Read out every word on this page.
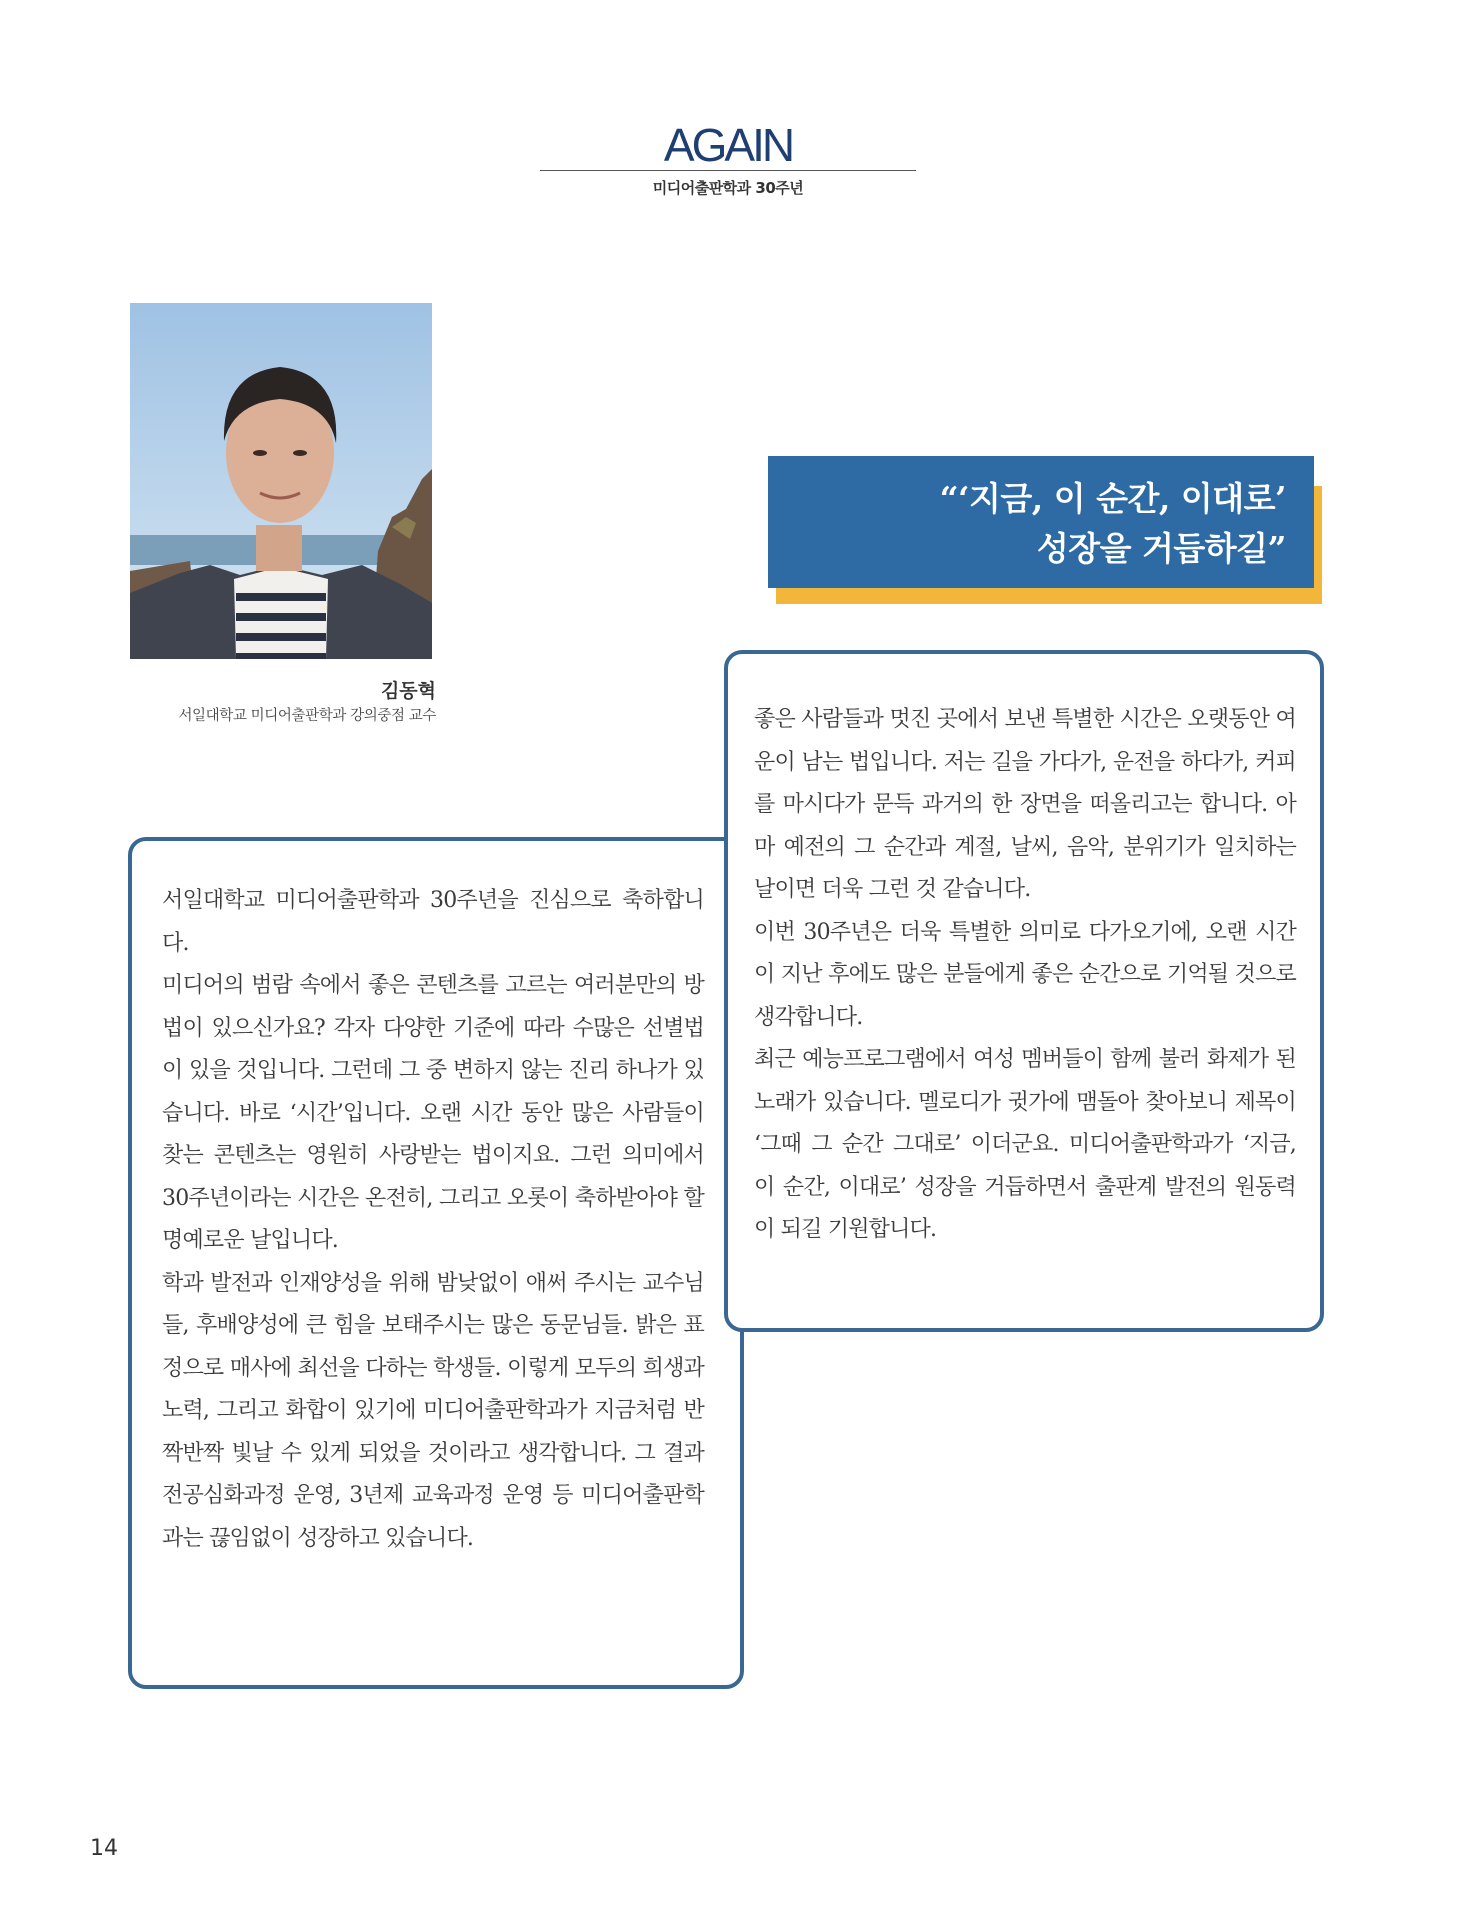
AGAIN
미디어출판학과 30주년
김동혁
서일대학교 미디어출판학과 강의중점 교수
“‘지금, 이 순간, 이대로’
성장을 거듭하길”

좋은 사람들과 멋진 곳에서 보낸 특별한 시간은 오랫동안 여운이 남는 법입니다. 저는 길을 가다가, 운전을 하다가, 커피를 마시다가 문득 과거의 한 장면을 떠올리고는 합니다. 아마 예전의 그 순간과 계절, 날씨, 음악, 분위기가 일치하는 날이면 더욱 그런 것 같습니다.

이번 30주년은 더욱 특별한 의미로 다가오기에, 오랜 시간이 지난 후에도 많은 분들에게 좋은 순간으로 기억될 것으로 생각합니다.

최근 예능프로그램에서 여성 멤버들이 함께 불러 화제가 된 노래가 있습니다. 멜로디가 귓가에 맴돌아 찾아보니 제목이 ‘그때 그 순간 그대로’ 이더군요. 미디어출판학과가 ‘지금, 이 순간, 이대로’ 성장을 거듭하면서 출판계 발전의 원동력이 되길 기원합니다.

서일대학교 미디어출판학과 30주년을 진심으로 축하합니다.

미디어의 범람 속에서 좋은 콘텐츠를 고르는 여러분만의 방법이 있으신가요? 각자 다양한 기준에 따라 수많은 선별법이 있을 것입니다. 그런데 그 중 변하지 않는 진리 하나가 있습니다. 바로 ‘시간’입니다. 오랜 시간 동안 많은 사람들이 찾는 콘텐츠는 영원히 사랑받는 법이지요. 그런 의미에서 30주년이라는 시간은 온전히, 그리고 오롯이 축하받아야 할 명예로운 날입니다.

학과 발전과 인재양성을 위해 밤낮없이 애써 주시는 교수님들, 후배양성에 큰 힘을 보태주시는 많은 동문님들. 밝은 표정으로 매사에 최선을 다하는 학생들. 이렇게 모두의 희생과 노력, 그리고 화합이 있기에 미디어출판학과가 지금처럼 반짝반짝 빛날 수 있게 되었을 것이라고 생각합니다. 그 결과 전공심화과정 운영, 3년제 교육과정 운영 등 미디어출판학과는 끊임없이 성장하고 있습니다.

14
